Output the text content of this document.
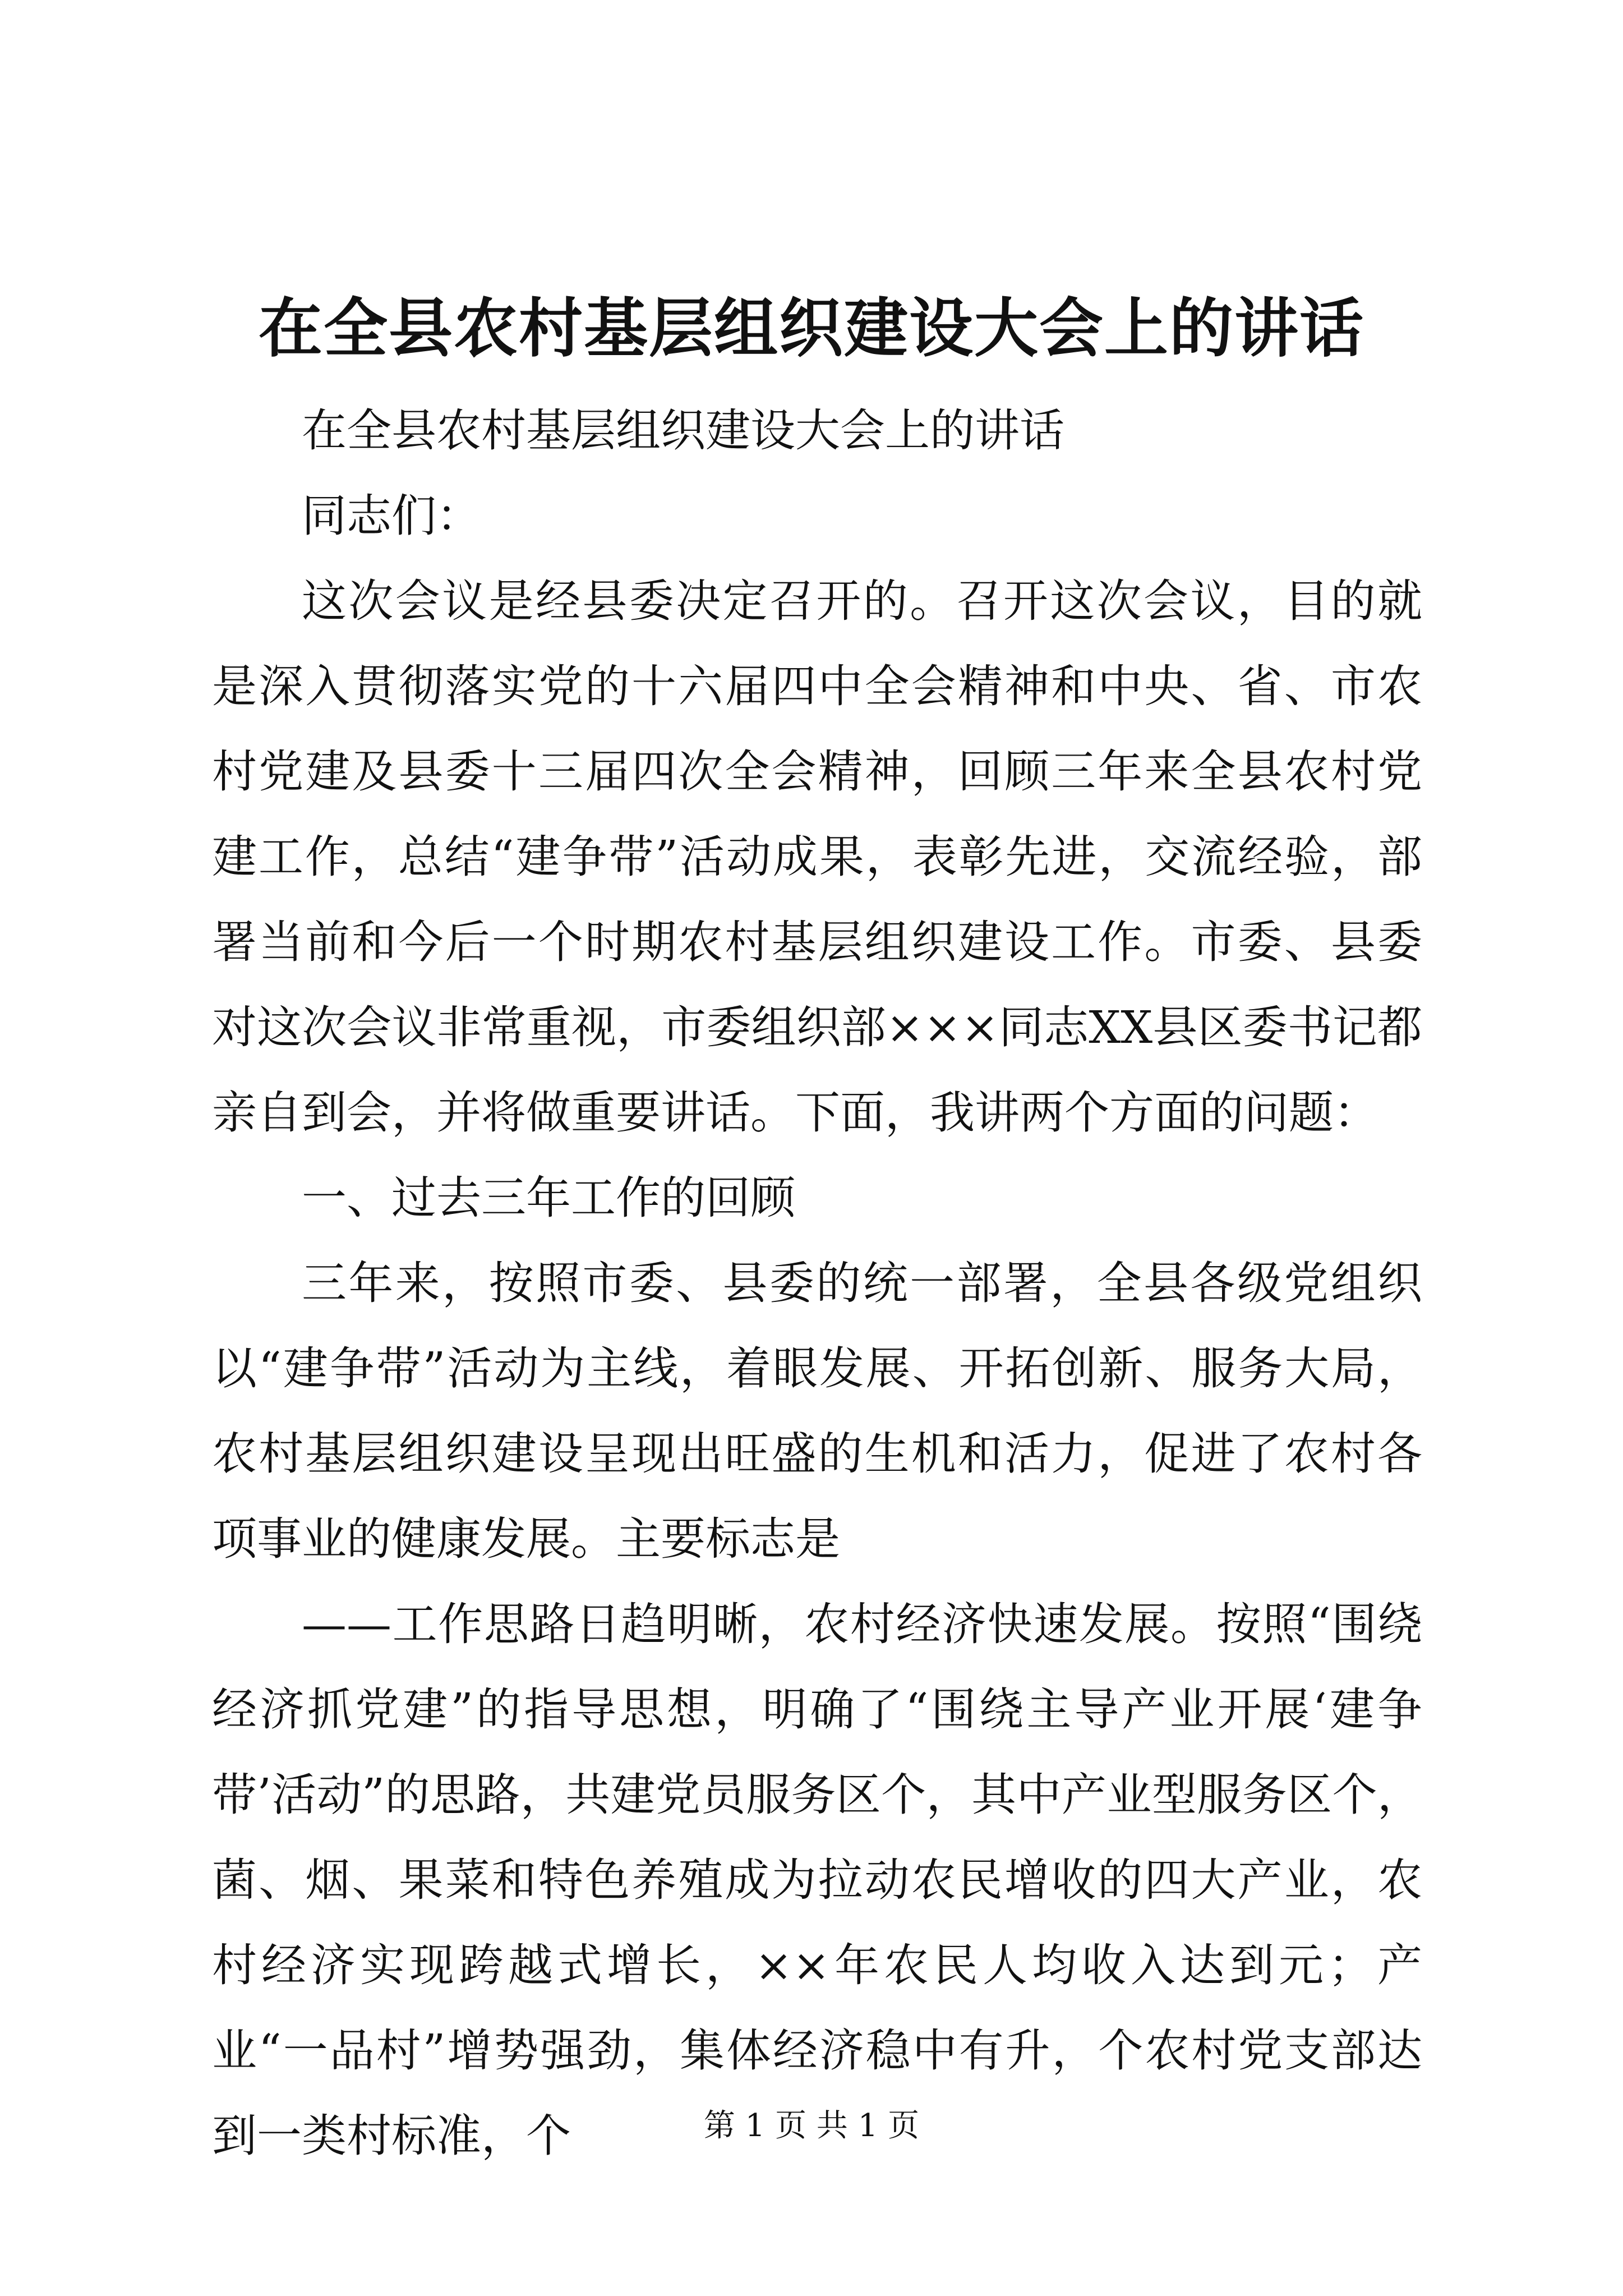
在全县农村基层组织建设大会上的讲话

在全县农村基层组织建设大会上的讲话

同志们：

这次会议是经县委决定召开的。召开这次会议，目的就是深入贯彻落实党的十六届四中全会精神和中央、省、市农村党建及县委十三届四次全会精神，回顾三年来全县农村党建工作，总结“建争带”活动成果，表彰先进，交流经验，部署当前和今后一个时期农村基层组织建设工作。市委、县委对这次会议非常重视，市委组织部×××同志XX县区委书记都亲自到会，并将做重要讲话。下面，我讲两个方面的问题：

一、过去三年工作的回顾

三年来，按照市委、县委的统一部署，全县各级党组织以“建争带”活动为主线，着眼发展、开拓创新、服务大局，农村基层组织建设呈现出旺盛的生机和活力，促进了农村各项事业的健康发展。主要标志是

——工作思路日趋明晰，农村经济快速发展。按照“围绕经济抓党建”的指导思想，明确了“围绕主导产业开展‘建争带’活动”的思路，共建党员服务区个，其中产业型服务区个，菌、烟、果菜和特色养殖成为拉动农民增收的四大产业，农村经济实现跨越式增长，××年农民人均收入达到元；产业“一品村”增势强劲，集体经济稳中有升，个农村党支部达到一类村标准，个	第 1 页 共 1 页
